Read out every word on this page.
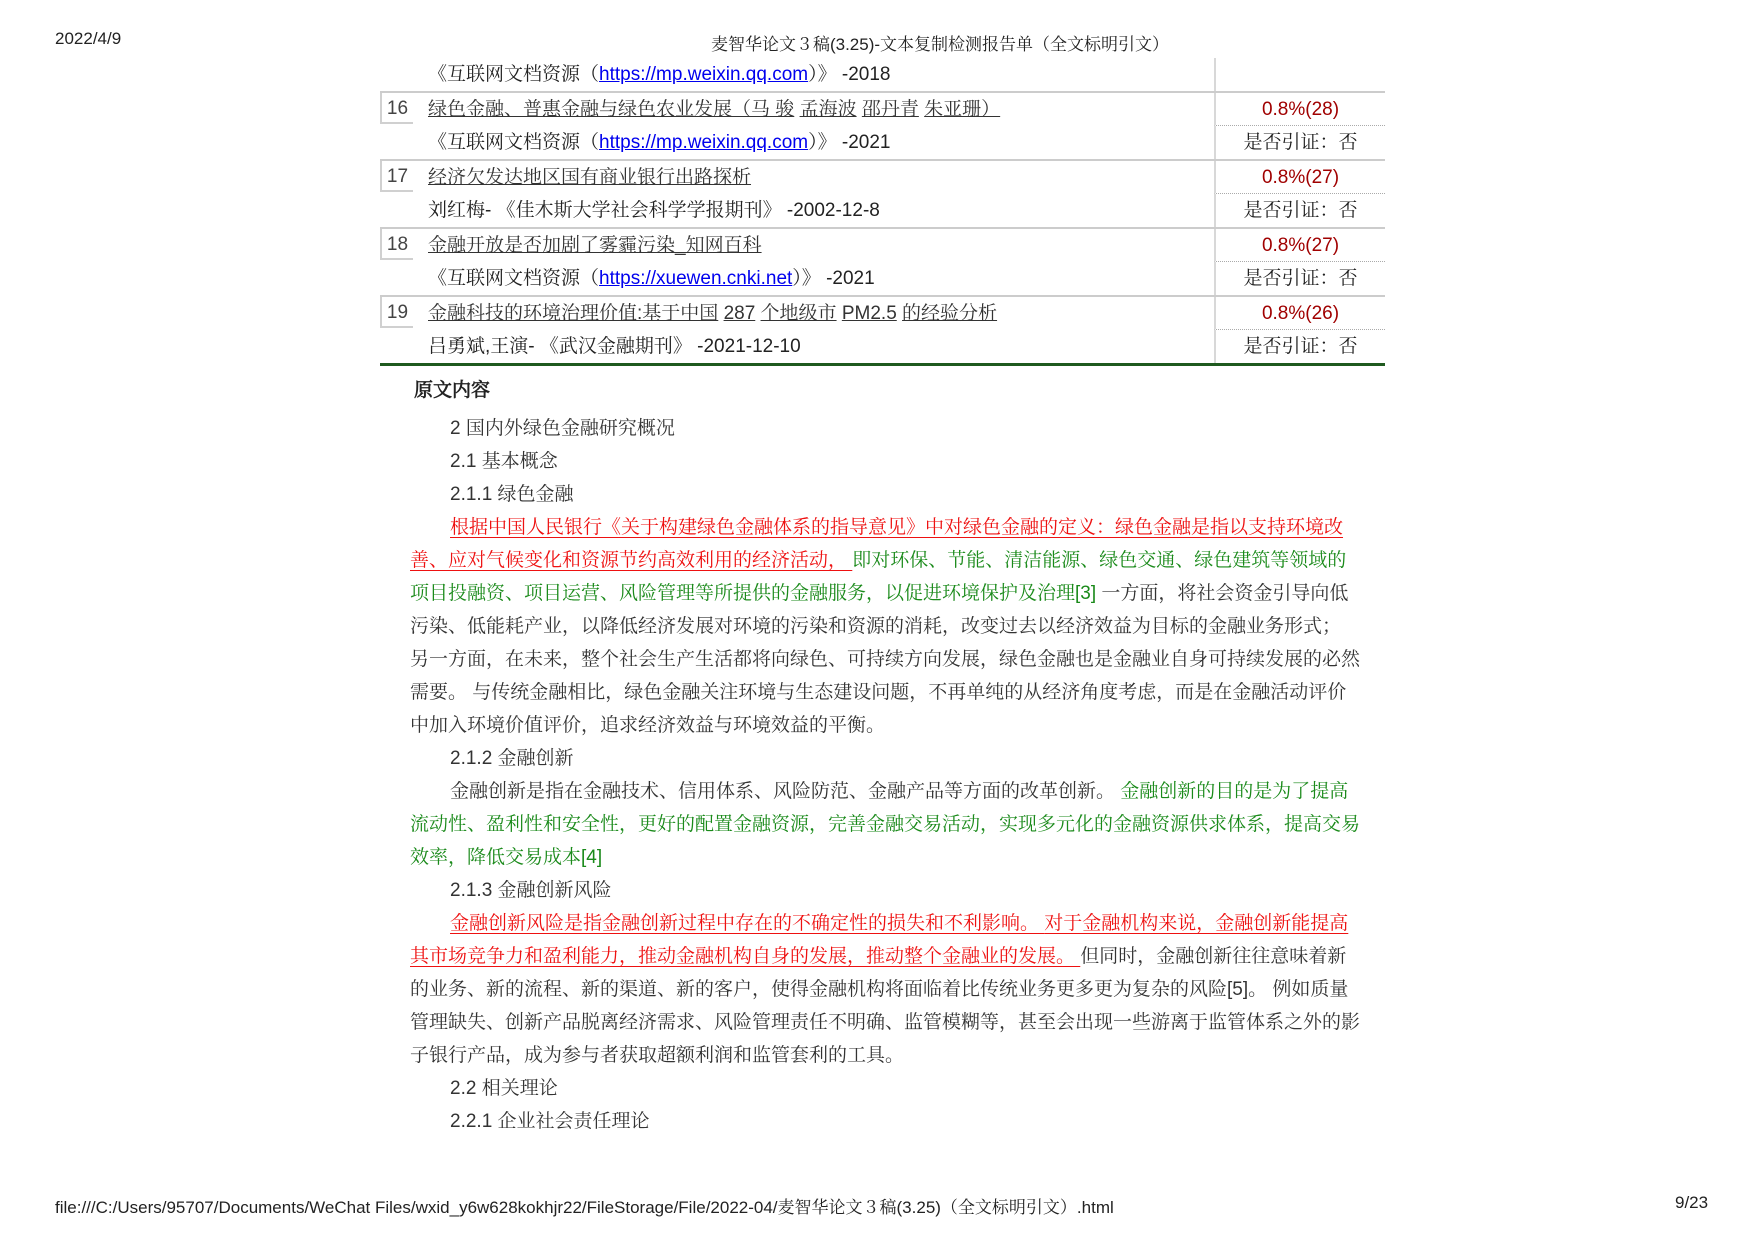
2022/4/9	麦智华论文３稿(3.25)-文本复制检测报告单（全文标明引文）
《互联网文档资源（https://mp.weixin.qq.com）》 -2018
16 绿色金融、普惠金融与绿色农业发展（马 骏 孟海波 邵丹青 朱亚珊）	0.8%(28)
《互联网文档资源（https://mp.weixin.qq.com）》 -2021	是否引证：否
17 经济欠发达地区国有商业银行出路探析	0.8%(27)
刘红梅- 《佳木斯大学社会科学学报期刊》 -2002-12-8	是否引证：否
18 金融开放是否加剧了雾霾污染_知网百科	0.8%(27)
《互联网文档资源（https://xuewen.cnki.net）》 -2021	是否引证：否
19 金融科技的环境治理价值:基于中国 287 个地级市 PM2.5 的经验分析	0.8%(26)
吕勇斌,王演- 《武汉金融期刊》 -2021-12-10	是否引证：否
原文内容
2 国内外绿色金融研究概况
2.1 基本概念
2.1.1 绿色金融
根据中国人民银行《关于构建绿色金融体系的指导意见》中对绿色金融的定义：绿色金融是指以支持环境改
善、应对气候变化和资源节约高效利用的经济活动， 即对环保、节能、清洁能源、绿色交通、绿色建筑等领域的
项目投融资、项目运营、风险管理等所提供的金融服务，以促进环境保护及治理[3] 一方面，将社会资金引导向低
污染、低能耗产业，以降低经济发展对环境的污染和资源的消耗，改变过去以经济效益为目标的金融业务形式；
另一方面，在未来，整个社会生产生活都将向绿色、可持续方向发展，绿色金融也是金融业自身可持续发展的必然
需要。 与传统金融相比，绿色金融关注环境与生态建设问题，不再单纯的从经济角度考虑，而是在金融活动评价
中加入环境价值评价，追求经济效益与环境效益的平衡。
2.1.2 金融创新
金融创新是指在金融技术、信用体系、风险防范、金融产品等方面的改革创新。 金融创新的目的是为了提高
流动性、盈利性和安全性，更好的配置金融资源，完善金融交易活动，实现多元化的金融资源供求体系，提高交易
效率，降低交易成本[4]
2.1.3 金融创新风险
金融创新风险是指金融创新过程中存在的不确定性的损失和不利影响。 对于金融机构来说，金融创新能提高
其市场竞争力和盈利能力，推动金融机构自身的发展，推动整个金融业的发展。 但同时，金融创新往往意味着新
的业务、新的流程、新的渠道、新的客户，使得金融机构将面临着比传统业务更多更为复杂的风险[5]。 例如质量
管理缺失、创新产品脱离经济需求、风险管理责任不明确、监管模糊等，甚至会出现一些游离于监管体系之外的影
子银行产品，成为参与者获取超额利润和监管套利的工具。
2.2 相关理论
2.2.1 企业社会责任理论
file:///C:/Users/95707/Documents/WeChat Files/wxid_y6w628kokhjr22/FileStorage/File/2022-04/麦智华论文３稿(3.25)（全文标明引文）.html	9/23
